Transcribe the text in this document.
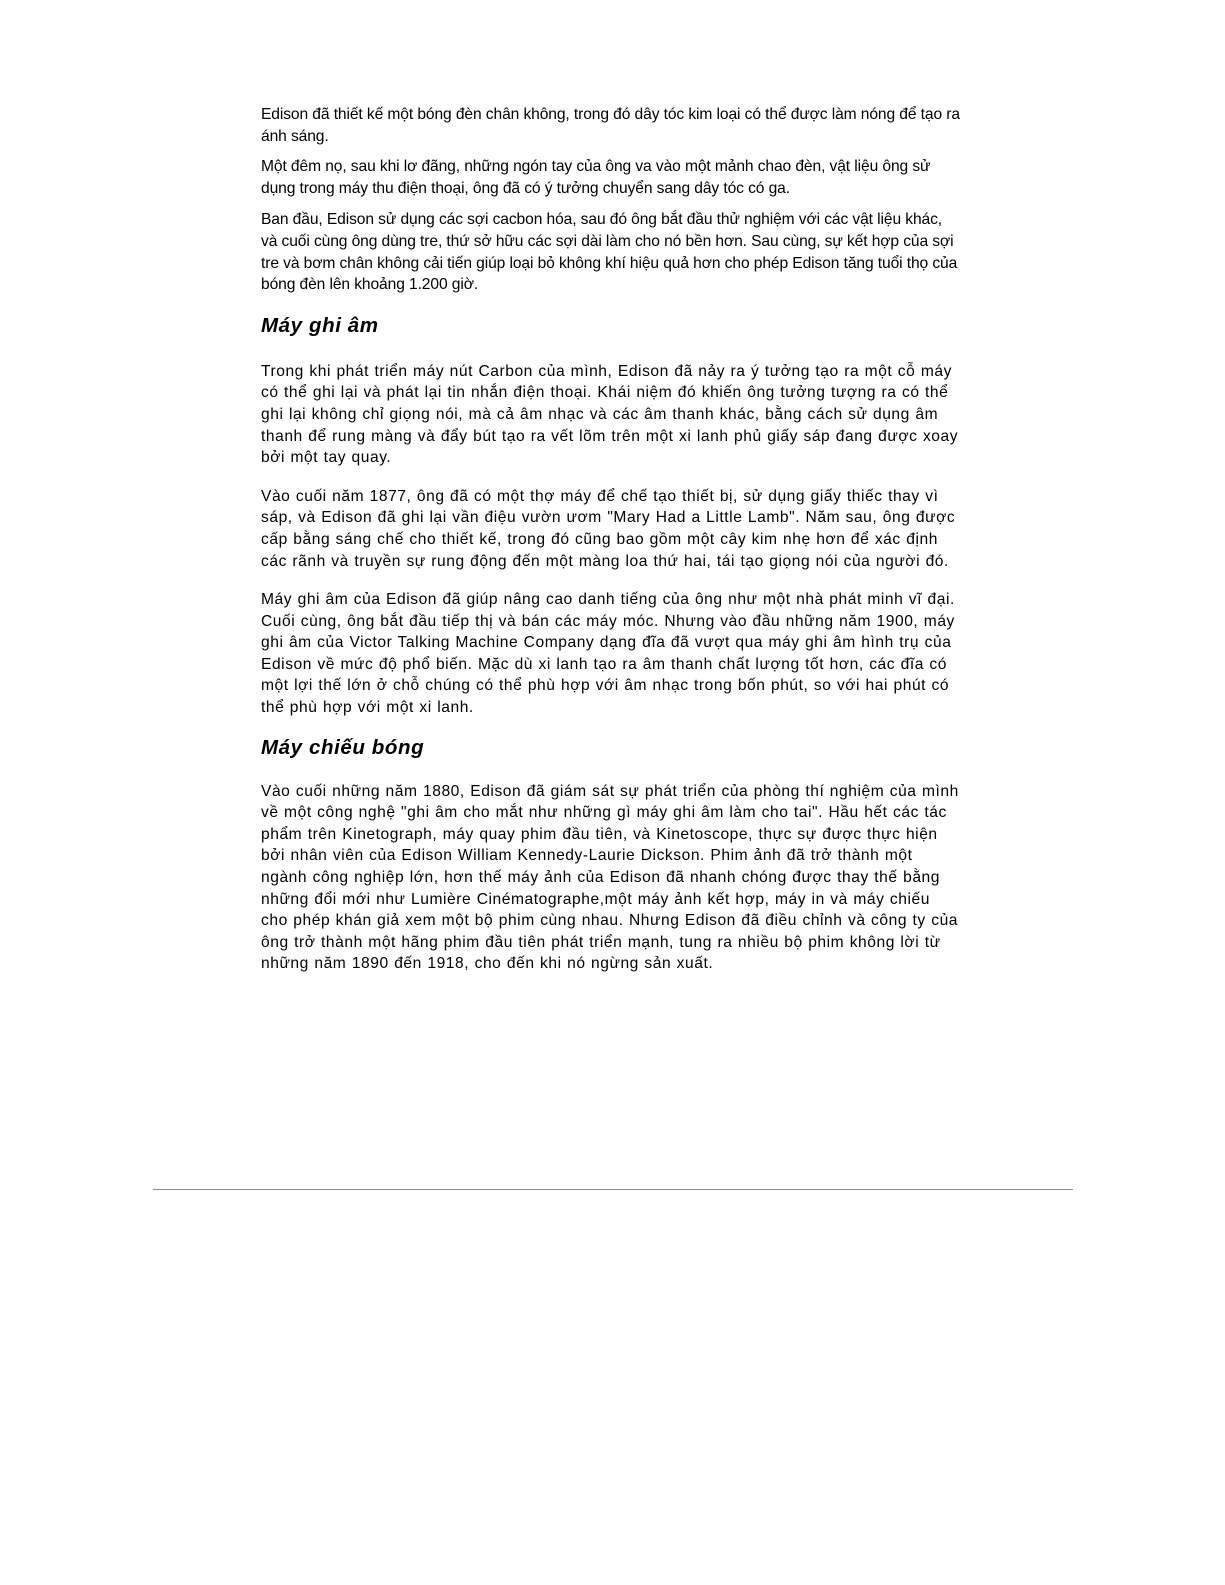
Edison đã thiết kế một bóng đèn chân không, trong đó dây tóc kim loại có thể được làm nóng để tạo ra ánh sáng.

Một đêm nọ, sau khi lơ đãng, những ngón tay của ông va vào một mảnh chao đèn, vật liệu ông sử dụng trong máy thu điện thoại, ông đã có ý tưởng chuyển sang dây tóc có ga.

Ban đầu, Edison sử dụng các sợi cacbon hóa, sau đó ông bắt đầu thử nghiệm với các vật liệu khác, và cuối cùng ông dùng tre, thứ sở hữu các sợi dài làm cho nó bền hơn. Sau cùng, sự kết hợp của sợi tre và bơm chân không cải tiến giúp loại bỏ không khí hiệu quả hơn cho phép Edison tăng tuổi thọ của bóng đèn lên khoảng 1.200 giờ.

Máy ghi âm

Trong khi phát triển máy nút Carbon của mình, Edison đã nảy ra ý tưởng tạo ra một cỗ máy có thể ghi lại và phát lại tin nhắn điện thoại. Khái niệm đó khiến ông tưởng tượng ra có thể ghi lại không chỉ giọng nói, mà cả âm nhạc và các âm thanh khác, bằng cách sử dụng âm thanh để rung màng và đẩy bút tạo ra vết lõm trên một xi lanh phủ giấy sáp đang được xoay bởi một tay quay.

Vào cuối năm 1877, ông đã có một thợ máy để chế tạo thiết bị, sử dụng giấy thiếc thay vì sáp, và Edison đã ghi lại vần điệu vườn ươm "Mary Had a Little Lamb". Năm sau, ông được cấp bằng sáng chế cho thiết kế, trong đó cũng bao gồm một cây kim nhẹ hơn để xác định các rãnh và truyền sự rung động đến một màng loa thứ hai, tái tạo giọng nói của người đó.

Máy ghi âm của Edison đã giúp nâng cao danh tiếng của ông như một nhà phát minh vĩ đại. Cuối cùng, ông bắt đầu tiếp thị và bán các máy móc. Nhưng vào đầu những năm 1900, máy ghi âm của Victor Talking Machine Company dạng đĩa đã vượt qua máy ghi âm hình trụ của Edison về mức độ phổ biến. Mặc dù xi lanh tạo ra âm thanh chất lượng tốt hơn, các đĩa có một lợi thế lớn ở chỗ chúng có thể phù hợp với âm nhạc trong bốn phút, so với hai phút có thể phù hợp với một xi lanh.

Máy chiếu bóng

Vào cuối những năm 1880, Edison đã giám sát sự phát triển của phòng thí nghiệm của mình về một công nghệ "ghi âm cho mắt như những gì máy ghi âm làm cho tai". Hầu hết các tác phẩm trên Kinetograph, máy quay phim đầu tiên, và Kinetoscope, thực sự được thực hiện bởi nhân viên của Edison William Kennedy-Laurie Dickson. Phim ảnh đã trở thành một ngành công nghiệp lớn, hơn thế máy ảnh của Edison đã nhanh chóng được thay thế bằng những đổi mới như Lumière Cinématographe,một máy ảnh kết hợp, máy in và máy chiếu cho phép khán giả xem một bộ phim cùng nhau. Nhưng Edison đã điều chỉnh và công ty của ông trở thành một hãng phim đầu tiên phát triển mạnh, tung ra nhiều bộ phim không lời từ những năm 1890 đến 1918, cho đến khi nó ngừng sản xuất.
